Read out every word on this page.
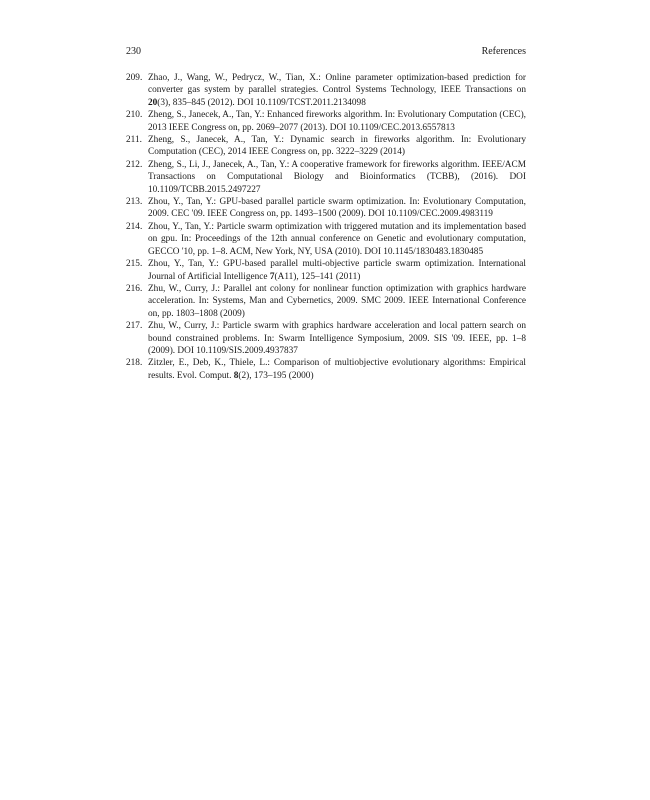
230	References
209. Zhao, J., Wang, W., Pedrycz, W., Tian, X.: Online parameter optimization-based prediction for converter gas system by parallel strategies. Control Systems Technology, IEEE Transactions on 20(3), 835–845 (2012). DOI 10.1109/TCST.2011.2134098
210. Zheng, S., Janecek, A., Tan, Y.: Enhanced fireworks algorithm. In: Evolutionary Computation (CEC), 2013 IEEE Congress on, pp. 2069–2077 (2013). DOI 10.1109/CEC.2013.6557813
211. Zheng, S., Janecek, A., Tan, Y.: Dynamic search in fireworks algorithm. In: Evolutionary Computation (CEC), 2014 IEEE Congress on, pp. 3222–3229 (2014)
212. Zheng, S., Li, J., Janecek, A., Tan, Y.: A cooperative framework for fireworks algorithm. IEEE/ACM Transactions on Computational Biology and Bioinformatics (TCBB), (2016). DOI 10.1109/TCBB.2015.2497227
213. Zhou, Y., Tan, Y.: GPU-based parallel particle swarm optimization. In: Evolutionary Computation, 2009. CEC '09. IEEE Congress on, pp. 1493–1500 (2009). DOI 10.1109/CEC.2009.4983119
214. Zhou, Y., Tan, Y.: Particle swarm optimization with triggered mutation and its implementation based on gpu. In: Proceedings of the 12th annual conference on Genetic and evolutionary computation, GECCO '10, pp. 1–8. ACM, New York, NY, USA (2010). DOI 10.1145/1830483.1830485
215. Zhou, Y., Tan, Y.: GPU-based parallel multi-objective particle swarm optimization. International Journal of Artificial Intelligence 7(A11), 125–141 (2011)
216. Zhu, W., Curry, J.: Parallel ant colony for nonlinear function optimization with graphics hardware acceleration. In: Systems, Man and Cybernetics, 2009. SMC 2009. IEEE International Conference on, pp. 1803–1808 (2009)
217. Zhu, W., Curry, J.: Particle swarm with graphics hardware acceleration and local pattern search on bound constrained problems. In: Swarm Intelligence Symposium, 2009. SIS '09. IEEE, pp. 1–8 (2009). DOI 10.1109/SIS.2009.4937837
218. Zitzler, E., Deb, K., Thiele, L.: Comparison of multiobjective evolutionary algorithms: Empirical results. Evol. Comput. 8(2), 173–195 (2000)
